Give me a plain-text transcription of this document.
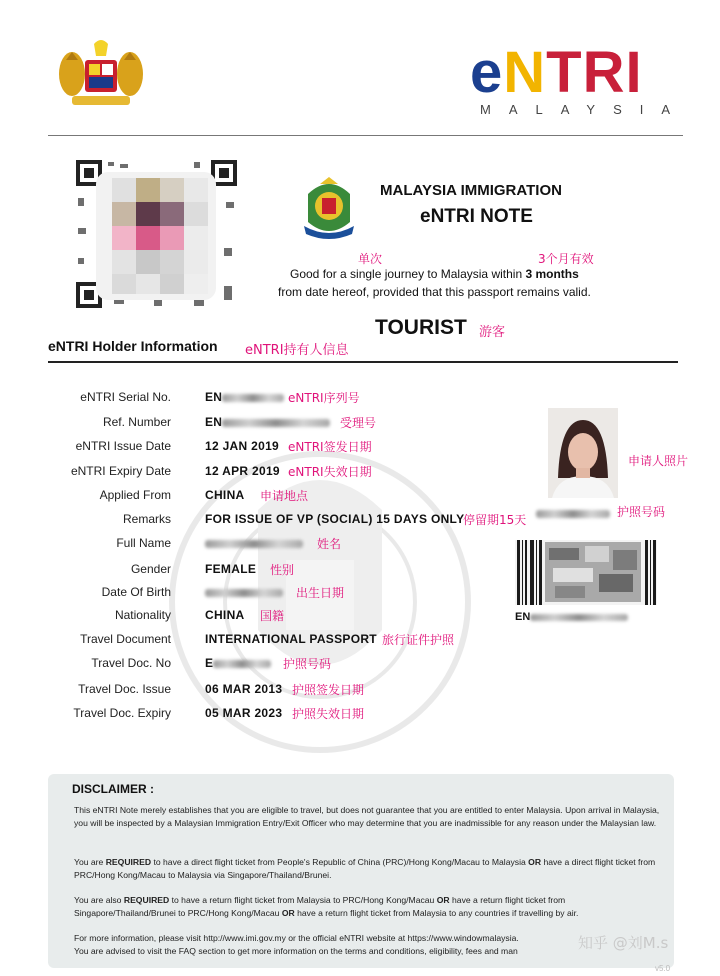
eNTRI
MALAYSIA
MALAYSIA IMMIGRATION
eNTRI NOTE
单次	3个月有效
Good for a single journey to Malaysia within 3 months
from date hereof, provided that this passport remains valid.
TOURIST 游客
eNTRI Holder Information eNTRI持有人信息
eNTRI Serial No.	EN	eNTRI序列号
Ref. Number	EN	受理号
eNTRI Issue Date	12 JAN 2019 eNTRI签发日期
eNTRI Expiry Date	12 APR 2019 eNTRI失效日期
Applied From	CHINA 申请地点
Remarks	FOR ISSUE OF VP (SOCIAL) 15 DAYS ONLY
停留期15天
Full Name	姓名
Gender	FEMALE 性别
Date Of Birth	出生日期
Nationality	CHINA 国籍
Travel Document	INTERNATIONAL PASSPORT 旅行证件护照
Travel Doc. No	E	护照号码
Travel Doc. Issue	06 MAR 2013 护照签发日期
Travel Doc. Expiry	05 MAR 2023 护照失效日期
申请人照片
护照号码
EN
DISCLAIMER :
This eNTRI Note merely establishes that you are eligible to travel, but does not guarantee that you are entitled to enter Malaysia. Upon arrival in Malaysia, you will be inspected by a Malaysian Immigration Entry/Exit Officer who may determine that you are inadmissible for any reason under the Malaysian law.
You are REQUIRED to have a direct flight ticket from People's Republic of China (PRC)/Hong Kong/Macau to Malaysia OR have a direct flight ticket from PRC/Hong Kong/Macau to Malaysia via Singapore/Thailand/Brunei.
You are also REQUIRED to have a return flight ticket from Malaysia to PRC/Hong Kong/Macau OR have a return flight ticket from Singapore/Thailand/Brunei to PRC/Hong Kong/Macau OR have a return flight ticket from Malaysia to any countries if travelling by air.
For more information, please visit http://www.imi.gov.my or the official eNTRI website at https://www.windowmalaysia.
You are advised to visit the FAQ section to get more information on the terms and conditions, eligibility, fees and man	知乎 @刘M.s
v5.0
